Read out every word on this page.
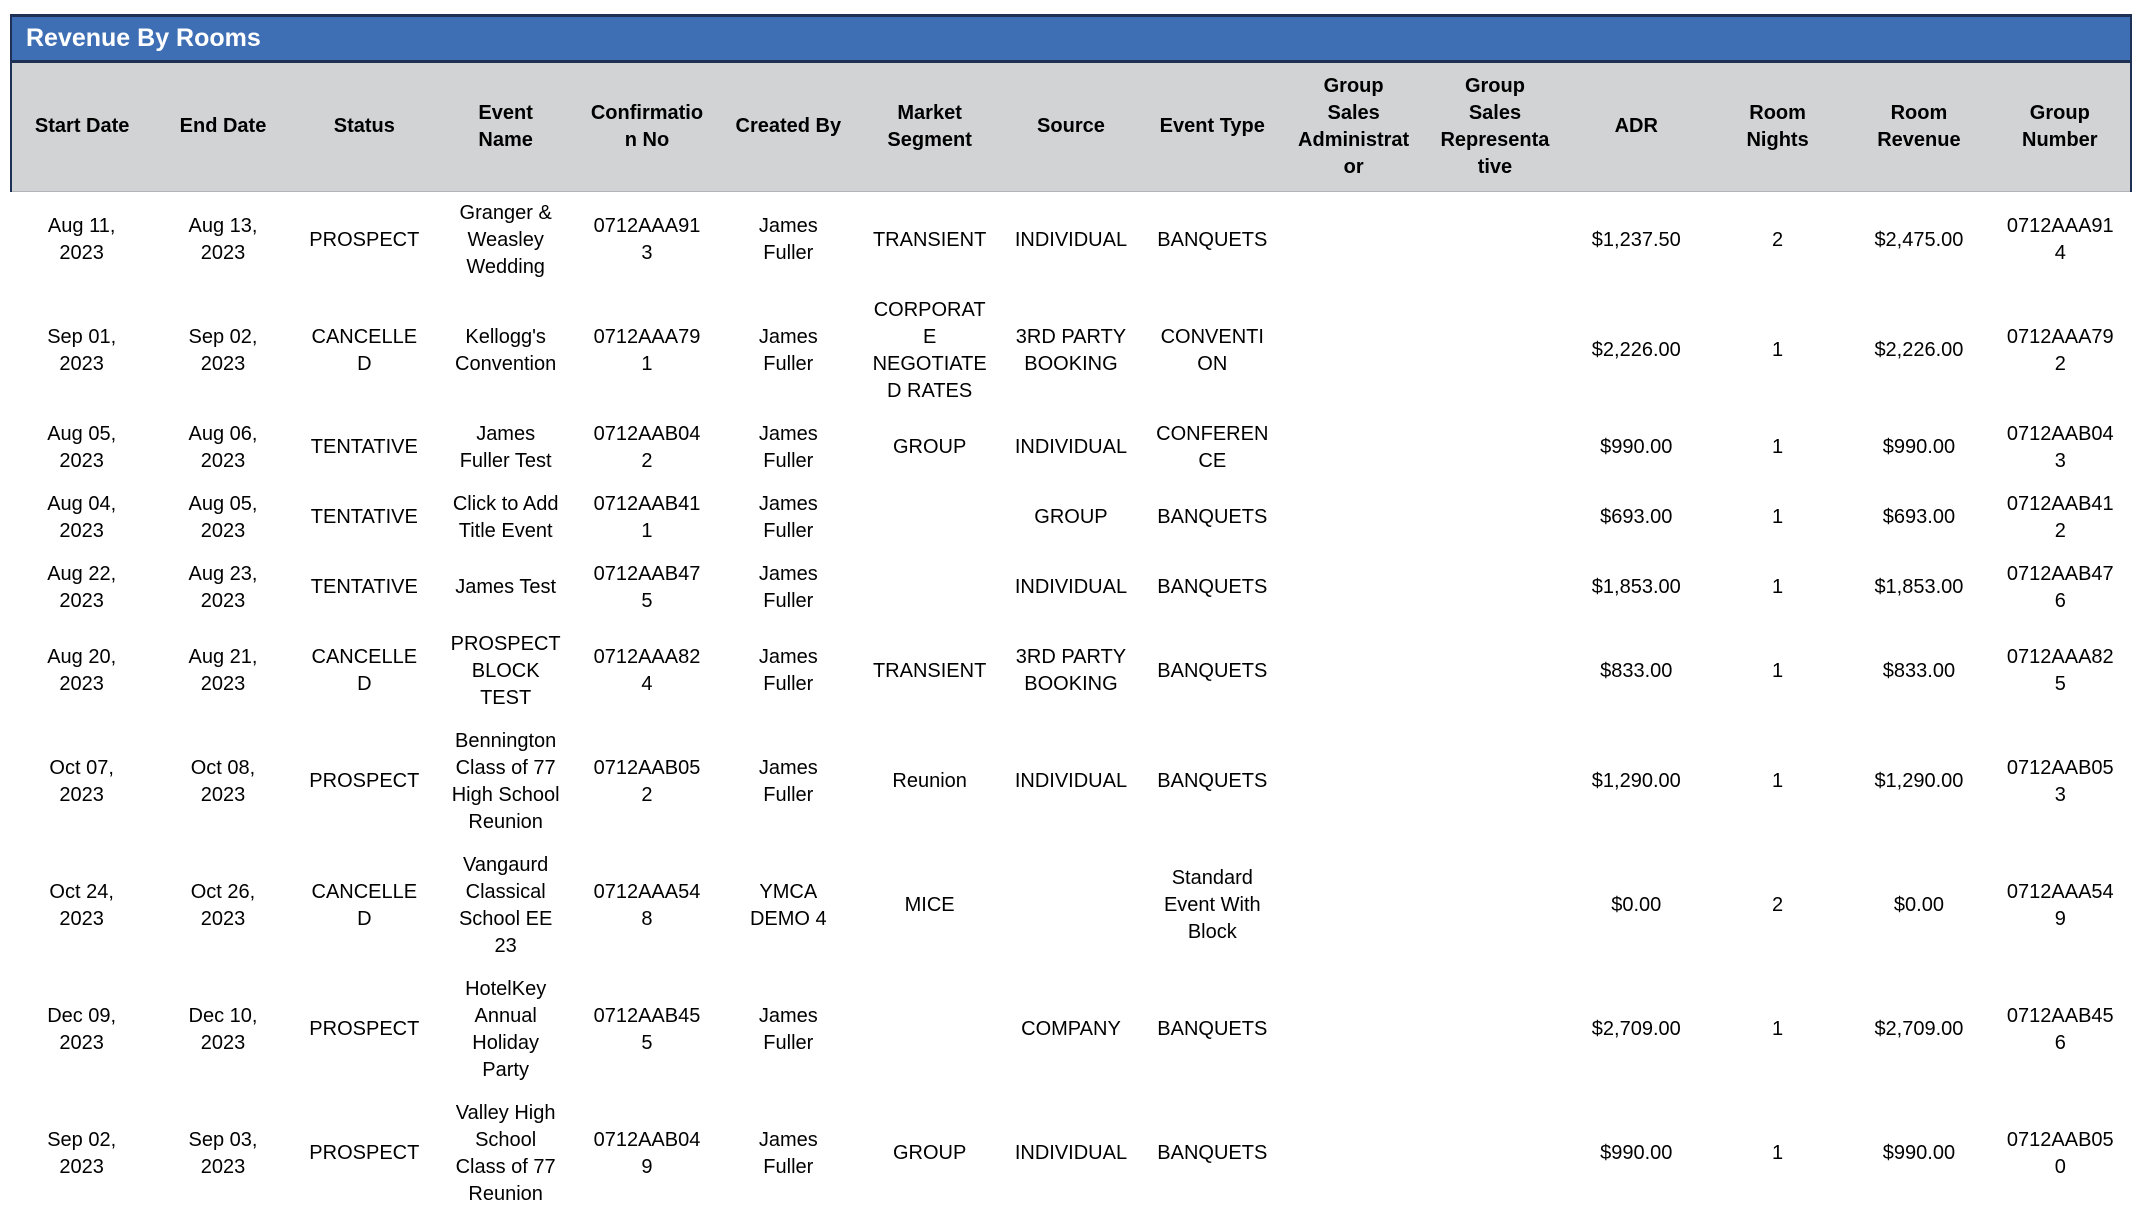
Revenue By Rooms
Start Date	End Date	Status	Event Name	Confirmation No	Created By	Market Segment	Source	Event Type	Group Sales Administrator	Group Sales Representative	ADR	Room Nights	Room Revenue	Group Number
Aug 11, 2023	Aug 13, 2023	PROSPECT	Granger & Weasley Wedding	0712AAA913	James Fuller	TRANSIENT	INDIVIDUAL	BANQUETS			$1,237.50	2	$2,475.00	0712AAA914
Sep 01, 2023	Sep 02, 2023	CANCELLED	Kellogg's Convention	0712AAA791	James Fuller	CORPORATE NEGOTIATED RATES	3RD PARTY BOOKING	CONVENTION			$2,226.00	1	$2,226.00	0712AAA792
Aug 05, 2023	Aug 06, 2023	TENTATIVE	James Fuller Test	0712AAB042	James Fuller	GROUP	INDIVIDUAL	CONFERENCE			$990.00	1	$990.00	0712AAB043
Aug 04, 2023	Aug 05, 2023	TENTATIVE	Click to Add Title Event	0712AAB411	James Fuller		GROUP	BANQUETS			$693.00	1	$693.00	0712AAB412
Aug 22, 2023	Aug 23, 2023	TENTATIVE	James Test	0712AAB475	James Fuller		INDIVIDUAL	BANQUETS			$1,853.00	1	$1,853.00	0712AAB476
Aug 20, 2023	Aug 21, 2023	CANCELLED	PROSPECT BLOCK TEST	0712AAA824	James Fuller	TRANSIENT	3RD PARTY BOOKING	BANQUETS			$833.00	1	$833.00	0712AAA825
Oct 07, 2023	Oct 08, 2023	PROSPECT	Bennington Class of 77 High School Reunion	0712AAB052	James Fuller	Reunion	INDIVIDUAL	BANQUETS			$1,290.00	1	$1,290.00	0712AAB053
Oct 24, 2023	Oct 26, 2023	CANCELLED	Vangaurd Classical School EE 23	0712AAA548	YMCA DEMO 4	MICE		Standard Event With Block			$0.00	2	$0.00	0712AAA549
Dec 09, 2023	Dec 10, 2023	PROSPECT	HotelKey Annual Holiday Party	0712AAB455	James Fuller		COMPANY	BANQUETS			$2,709.00	1	$2,709.00	0712AAB456
Sep 02, 2023	Sep 03, 2023	PROSPECT	Valley High School Class of 77 Reunion	0712AAB049	James Fuller	GROUP	INDIVIDUAL	BANQUETS			$990.00	1	$990.00	0712AAB050
